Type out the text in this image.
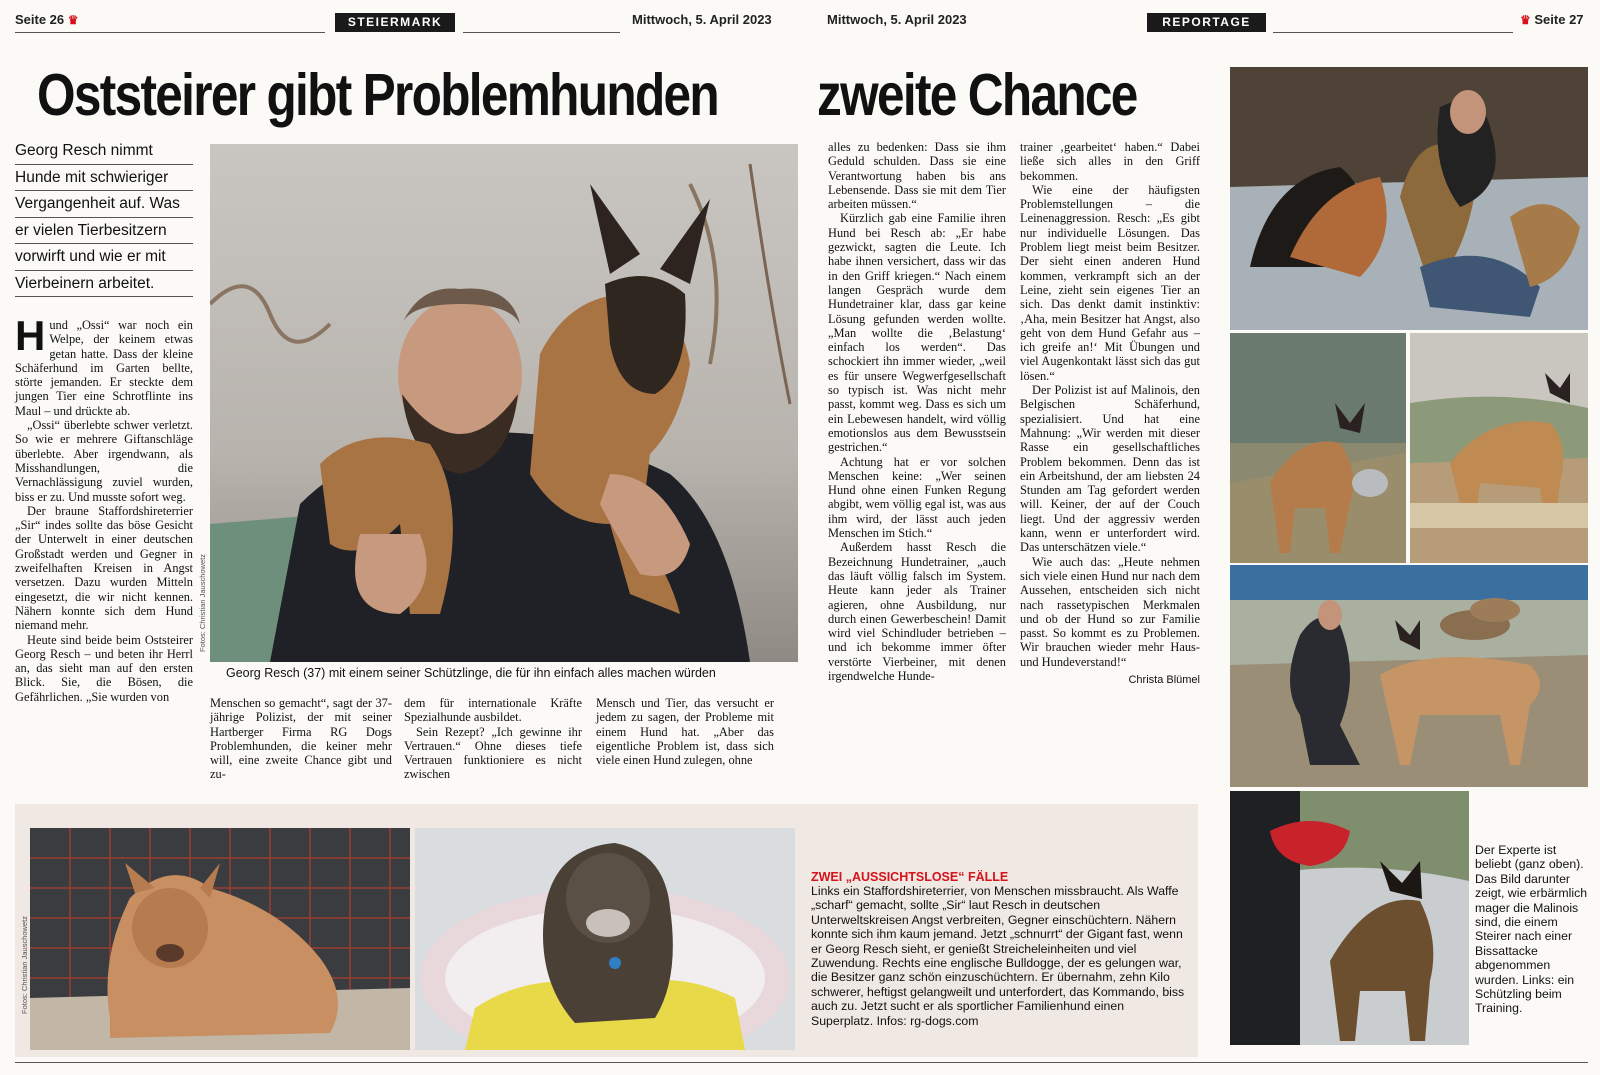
Seite 26 ♛	STEIERMARK	Mittwoch, 5. April 2023	Mittwoch, 5. April 2023	REPORTAGE	♛ Seite 27
Oststeirer gibt Problemhunden zweite Chance
Georg Resch nimmt
Hunde mit schwieriger
Vergangenheit auf. Was
er vielen Tierbesitzern
vorwirft und wie er mit
Vierbeinern arbeitet.

Hund „Ossi“ war noch ein Welpe, der keinem etwas getan hatte. Dass der kleine Schäferhund im Garten bellte, störte jemanden. Er steckte dem jungen Tier eine Schrotflinte ins Maul – und drückte ab.

„Ossi“ überlebte schwer verletzt. So wie er mehrere Giftanschläge überlebte. Aber irgendwann, als Misshandlungen, die Vernachlässigung zuviel wurden, biss er zu. Und musste sofort weg.

Der braune Staffordshireterrier „Sir“ indes sollte das böse Gesicht der Unterwelt in einer deutschen Großstadt werden und Gegner in zweifelhaften Kreisen in Angst versetzen. Dazu wurden Mitteln eingesetzt, die wir nicht kennen. Nähern konnte sich dem Hund niemand mehr.

Heute sind beide beim Oststeirer Georg Resch – und beten ihr Herrl an, das sieht man auf den ersten Blick. Sie, die Bösen, die Gefährlichen. „Sie wurden von

Fotos: Christian Jauschowetz
Georg Resch (37) mit einem seiner Schützlinge, die für ihn einfach alles machen würden

Menschen so gemacht“, sagt der 37-jährige Polizist, der mit seiner Hartberger Firma RG Dogs Problemhunden, die keiner mehr will, eine zweite Chance gibt und zu-

dem für internationale Kräfte Spezialhunde ausbildet.

Sein Rezept? „Ich gewinne ihr Vertrauen.“ Ohne dieses tiefe Vertrauen funktioniere es nicht zwischen

Mensch und Tier, das versucht er jedem zu sagen, der Probleme mit einem Hund hat. „Aber das eigentliche Problem ist, dass sich viele einen Hund zulegen, ohne

alles zu bedenken: Dass sie ihm Geduld schulden. Dass sie eine Verantwortung haben bis ans Lebensende. Dass sie mit dem Tier arbeiten müssen.“

Kürzlich gab eine Familie ihren Hund bei Resch ab: „Er habe gezwickt, sagten die Leute. Ich habe ihnen versichert, dass wir das in den Griff kriegen.“ Nach einem langen Gespräch wurde dem Hundetrainer klar, dass gar keine Lösung gefunden werden wollte. „Man wollte die ‚Belastung‘ einfach los werden“. Das schockiert ihn immer wieder, „weil es für unsere Wegwerfgesellschaft so typisch ist. Was nicht mehr passt, kommt weg. Dass es sich um ein Lebewesen handelt, wird völlig emotionslos aus dem Bewusstsein gestrichen.“

Achtung hat er vor solchen Menschen keine: „Wer seinen Hund ohne einen Funken Regung abgibt, wem völlig egal ist, was aus ihm wird, der lässt auch jeden Menschen im Stich.“

Außerdem hasst Resch die Bezeichnung Hundetrainer, „auch das läuft völlig falsch im System. Heute kann jeder als Trainer agieren, ohne Ausbildung, nur durch einen Gewerbeschein! Damit wird viel Schindluder betrieben – und ich bekomme immer öfter verstörte Vierbeiner, mit denen irgendwelche Hunde-

trainer ‚gearbeitet‘ haben.“ Dabei ließe sich alles in den Griff bekommen.

Wie eine der häufigsten Problemstellungen – die Leinenaggression. Resch: „Es gibt nur individuelle Lösungen. Das Problem liegt meist beim Besitzer. Der sieht einen anderen Hund kommen, verkrampft sich an der Leine, zieht sein eigenes Tier an sich. Das denkt damit instinktiv: ‚Aha, mein Besitzer hat Angst, also geht von dem Hund Gefahr aus – ich greife an!‘ Mit Übungen und viel Augenkontakt lässt sich das gut lösen.“

Der Polizist ist auf Malinois, den Belgischen Schäferhund, spezialisiert. Und hat eine Mahnung: „Wir werden mit dieser Rasse ein gesellschaftliches Problem bekommen. Denn das ist ein Arbeitshund, der am liebsten 24 Stunden am Tag gefordert werden will. Keiner, der auf der Couch liegt. Und der aggressiv werden kann, wenn er unterfordert wird. Das unterschätzen viele.“

Wie auch das: „Heute nehmen sich viele einen Hund nur nach dem Aussehen, entscheiden sich nicht nach rassetypischen Merkmalen und ob der Hund so zur Familie passt. So kommt es zu Problemen. Wir brauchen wieder mehr Haus- und Hundeverstand!“

Christa Blümel
Der Experte ist beliebt (ganz oben). Das Bild darunter zeigt, wie erbärmlich mager die Malinois sind, die einem Steirer nach einer Bissattacke abgenommen wurden. Links: ein Schützling beim Training.
Fotos: Christian Jauschowetz
ZWEI „AUSSICHTSLOSE“ FÄLLE
Links ein Staffordshireterrier, von Menschen missbraucht. Als Waffe „scharf“ gemacht, sollte „Sir“ laut Resch in deutschen Unterweltskreisen Angst verbreiten, Gegner einschüchtern. Nähern konnte sich ihm kaum jemand. Jetzt „schnurrt“ der Gigant fast, wenn er Georg Resch sieht, er genießt Streicheleinheiten und viel Zuwendung. Rechts eine englische Bulldogge, der es gelungen war, die Besitzer ganz schön einzuschüchtern. Er übernahm, zehn Kilo schwerer, heftigst gelangweilt und unterfordert, das Kommando, biss auch zu. Jetzt sucht er als sportlicher Familienhund einen Superplatz. Infos: rg-dogs.com
